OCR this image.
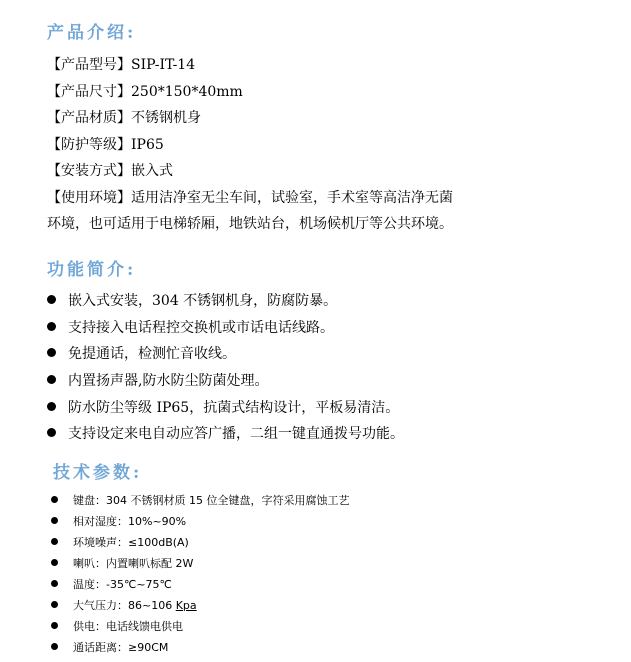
产品介绍:
【产品型号】SIP-IT-14
【产品尺寸】250*150*40mm
【产品材质】不锈钢机身
【防护等级】IP65
【安装方式】嵌入式
【使用环境】适用洁净室无尘车间，试验室，手术室等高洁净无菌
环境，也可适用于电梯轿厢，地铁站台，机场候机厅等公共环境。
功能简介:
嵌入式安装，304 不锈钢机身，防腐防暴。
支持接入电话程控交换机或市话电话线路。
免提通话，检测忙音收线。
内置扬声器,防水防尘防菌处理。
防水防尘等级 IP65，抗菌式结构设计，平板易清洁。
支持设定来电自动应答广播，二组一键直通拨号功能。
技术参数:
键盘：304 不锈钢材质 15 位全键盘，字符采用腐蚀工艺
相对湿度：10%~90%
环境噪声：≤100dB(A)
喇叭：内置喇叭标配 2W
温度：-35℃~75℃
大气压力：86~106 Kpa
供电：电话线馈电供电
通话距离：≥90CM
